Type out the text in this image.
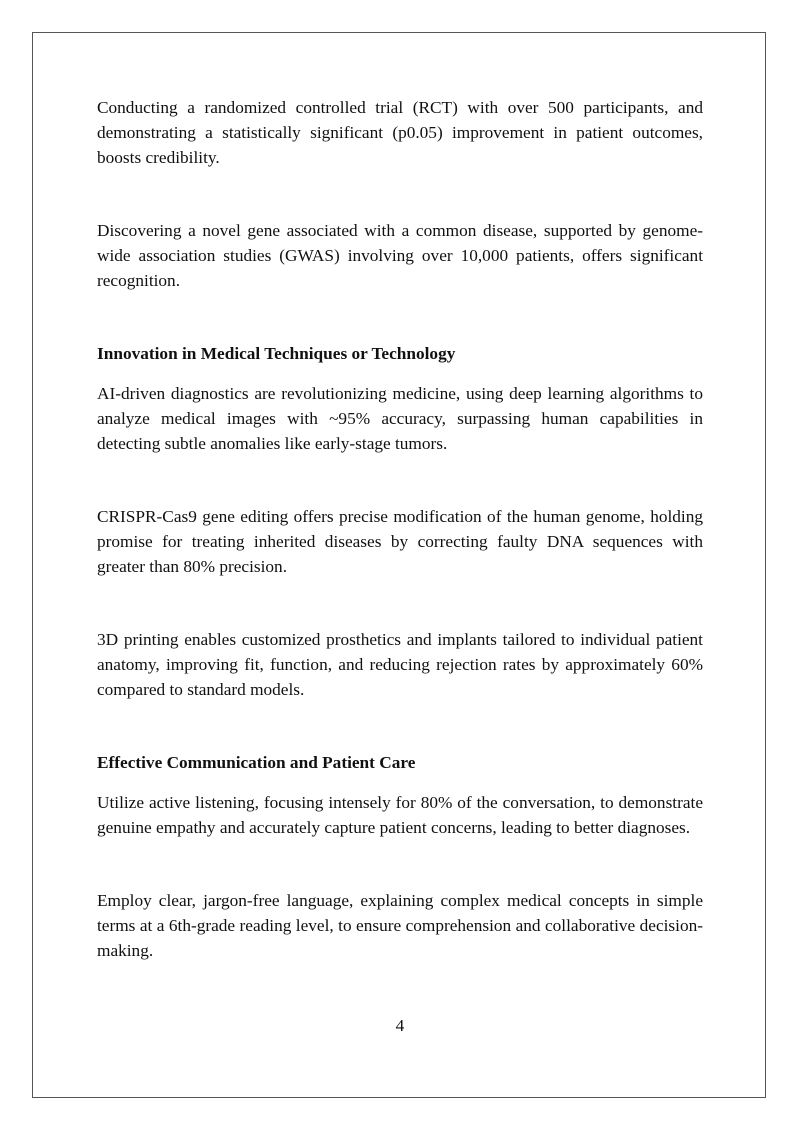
Conducting a randomized controlled trial (RCT) with over 500 participants, and demonstrating a statistically significant (p0.05) improvement in patient outcomes, boosts credibility.

Discovering a novel gene associated with a common disease, supported by genome-wide association studies (GWAS) involving over 10,000 patients, offers significant recognition.

Innovation in Medical Techniques or Technology

AI-driven diagnostics are revolutionizing medicine, using deep learning algorithms to analyze medical images with ~95% accuracy, surpassing human capabilities in detecting subtle anomalies like early-stage tumors.

CRISPR-Cas9 gene editing offers precise modification of the human genome, holding promise for treating inherited diseases by correcting faulty DNA sequences with greater than 80% precision.

3D printing enables customized prosthetics and implants tailored to individual patient anatomy, improving fit, function, and reducing rejection rates by approximately 60% compared to standard models.

Effective Communication and Patient Care

Utilize active listening, focusing intensely for 80% of the conversation, to demonstrate genuine empathy and accurately capture patient concerns, leading to better diagnoses.

Employ clear, jargon-free language, explaining complex medical concepts in simple terms at a 6th-grade reading level, to ensure comprehension and collaborative decision-making.

4
